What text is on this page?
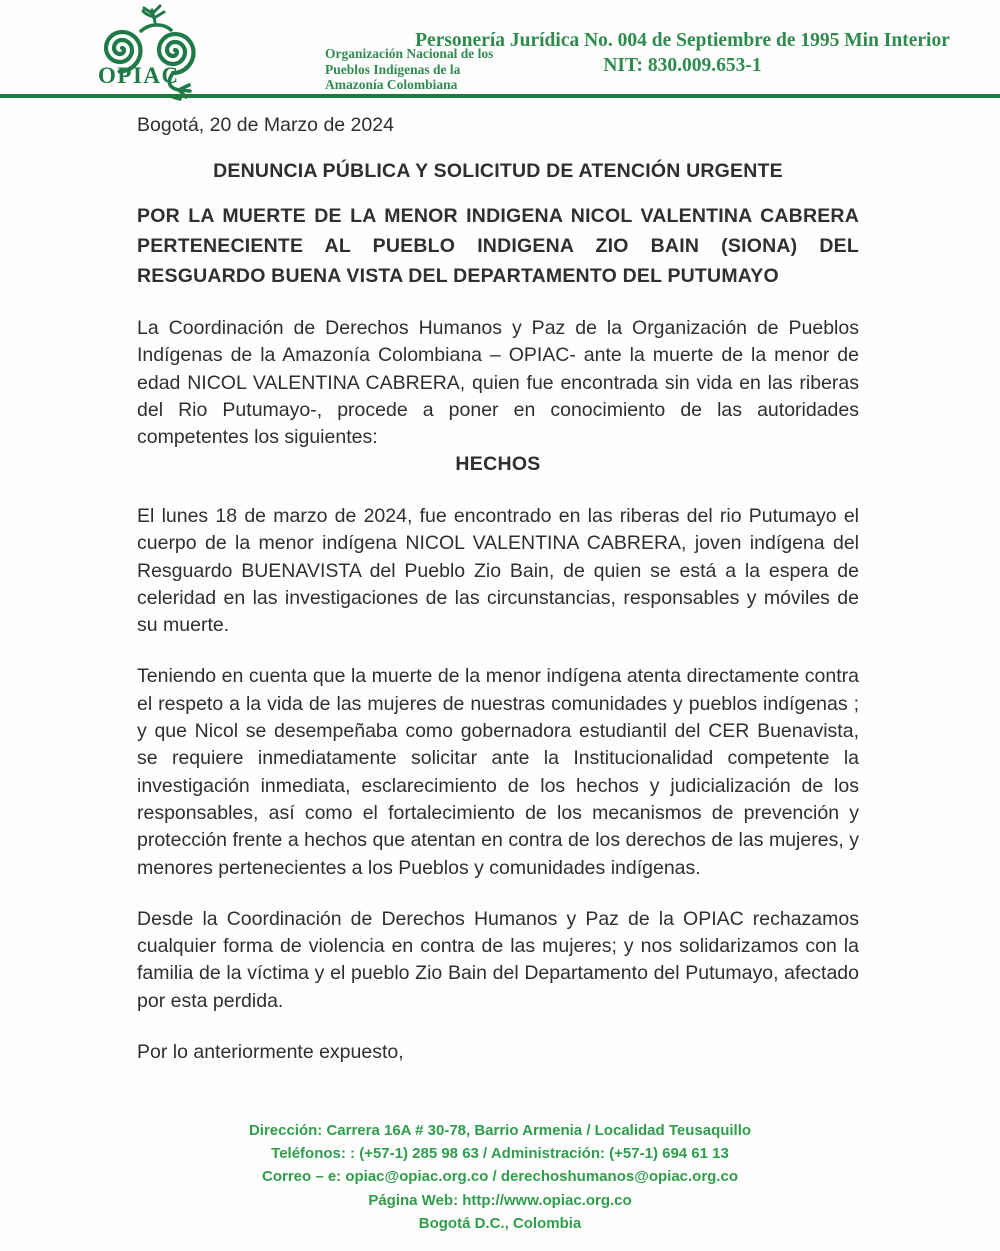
OPIAC
Organización Nacional de los
Pueblos Indígenas de la
Amazonía Colombiana
Personería Jurídica No. 004 de Septiembre de 1995 Min Interior
NIT: 830.009.653-1

Bogotá, 20 de Marzo de 2024

DENUNCIA PÚBLICA Y SOLICITUD DE ATENCIÓN URGENTE
POR LA MUERTE DE LA MENOR INDIGENA NICOL VALENTINA CABRERA PERTENECIENTE AL PUEBLO INDIGENA ZIO BAIN (SIONA) DEL RESGUARDO BUENA VISTA DEL DEPARTAMENTO DEL PUTUMAYO

La Coordinación de Derechos Humanos y Paz de la Organización de Pueblos Indígenas de la Amazonía Colombiana – OPIAC- ante la muerte de la menor de edad NICOL VALENTINA CABRERA, quien fue encontrada sin vida en las riberas del Rio Putumayo-, procede a poner en conocimiento de las autoridades competentes los siguientes:

HECHOS

El lunes 18 de marzo de 2024, fue encontrado en las riberas del rio Putumayo el cuerpo de la menor indígena NICOL VALENTINA CABRERA, joven indígena del Resguardo BUENAVISTA del Pueblo Zio Bain, de quien se está a la espera de celeridad en las investigaciones de las circunstancias, responsables y móviles de su muerte.

Teniendo en cuenta que la muerte de la menor indígena atenta directamente contra el respeto a la vida de las mujeres de nuestras comunidades y pueblos indígenas ; y que Nicol se desempeñaba como gobernadora estudiantil del CER Buenavista, se requiere inmediatamente solicitar ante la Institucionalidad competente la investigación inmediata, esclarecimiento de los hechos y judicialización de los responsables, así como el fortalecimiento de los mecanismos de prevención y protección frente a hechos que atentan en contra de los derechos de las mujeres, y menores pertenecientes a los Pueblos y comunidades indígenas.

Desde la Coordinación de Derechos Humanos y Paz de la OPIAC rechazamos cualquier forma de violencia en contra de las mujeres; y nos solidarizamos con la familia de la víctima y el pueblo Zio Bain del Departamento del Putumayo, afectado por esta perdida.

Por lo anteriormente expuesto,

Dirección: Carrera 16A # 30-78, Barrio Armenia / Localidad Teusaquillo
Teléfonos: : (+57-1) 285 98 63 / Administración: (+57-1) 694 61 13
Correo – e: opiac@opiac.org.co / derechoshumanos@opiac.org.co
Página Web: http://www.opiac.org.co
Bogotá D.C., Colombia
